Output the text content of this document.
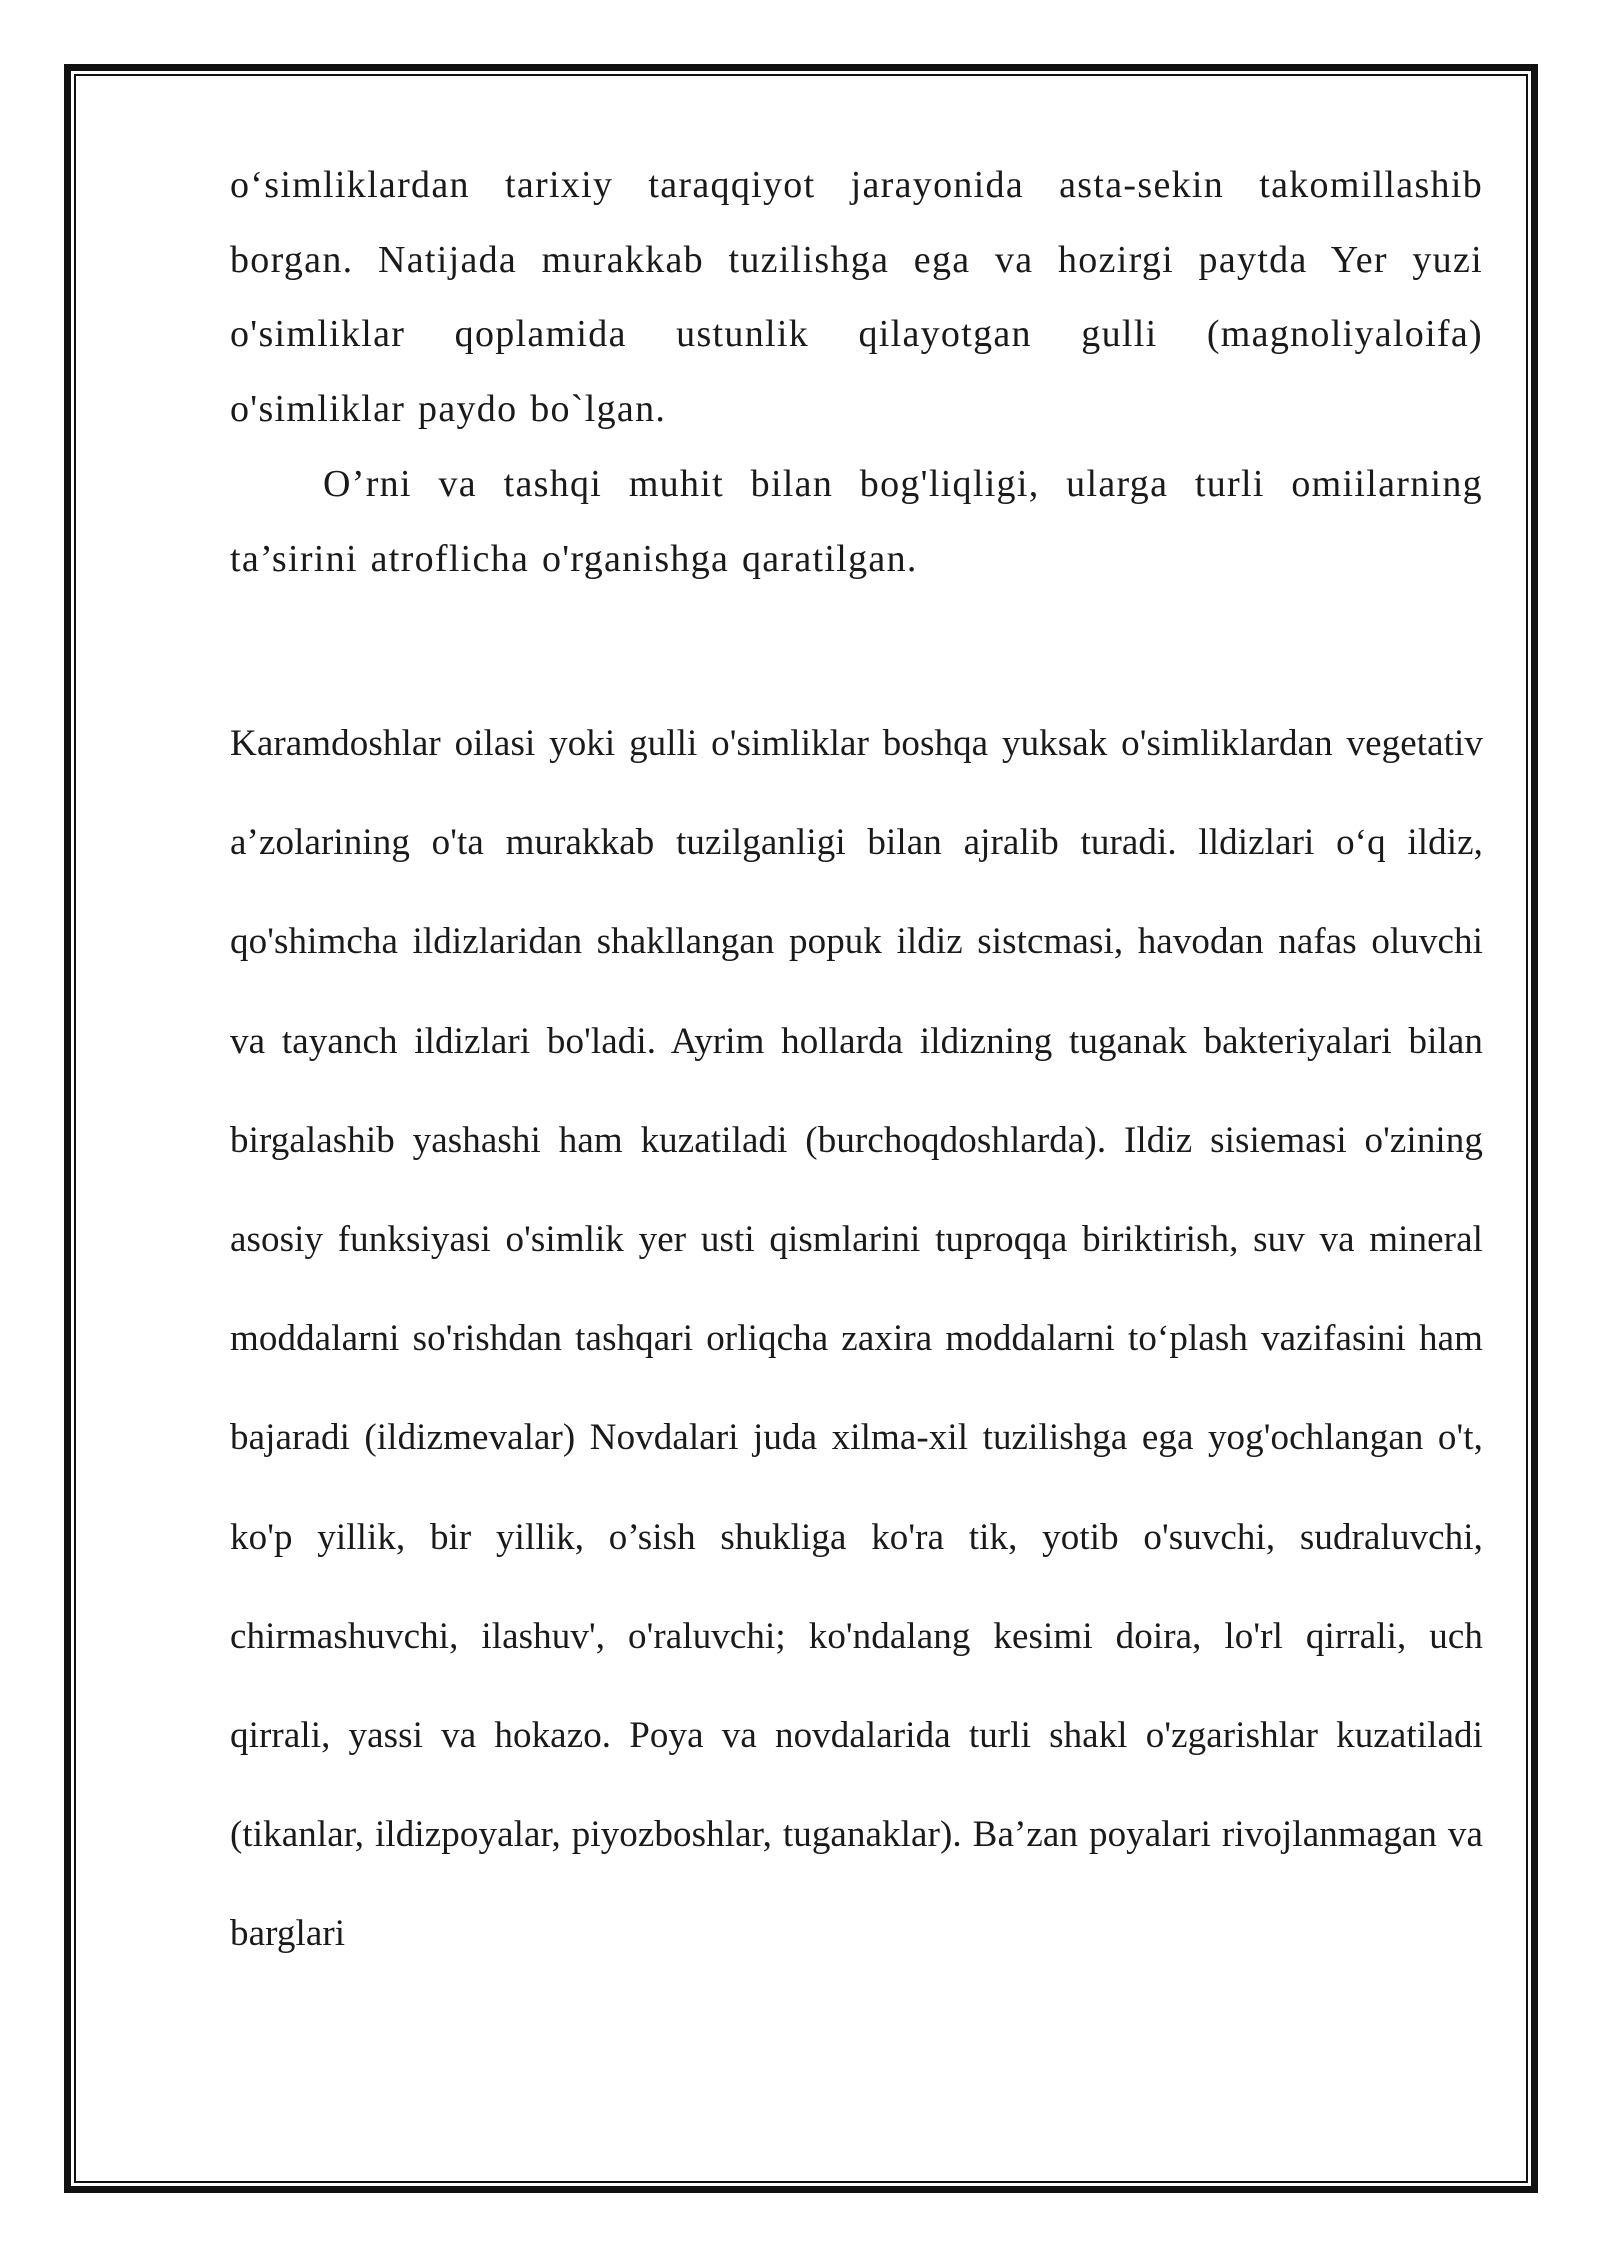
o‘simliklardan tarixiy taraqqiyot jarayonida asta-sekin takomillashib borgan. Natijada murakkab tuzilishga ega va hozirgi paytda Yer yuzi o'simliklar qoplamida ustunlik qilayotgan gulli (magnoliyaloifa) o'simliklar paydo bo`lgan.

O’rni va tashqi muhit bilan bog'liqligi, ularga turli omiilarning ta’sirini atroflicha o'rganishga qaratilgan.

Karamdoshlar oilasi yoki gulli o'simliklar boshqa yuksak o'simliklardan vegetativ a’zolarining o'ta murakkab tuzilganligi bilan ajralib turadi. lldizlari o‘q ildiz, qo'shimcha ildizlaridan shakllangan popuk ildiz sistcmasi, havodan nafas oluvchi va tayanch ildizlari bo'ladi. Ayrim hollarda ildizning tuganak bakteriyalari bilan birgalashib yashashi ham kuzatiladi (burchoqdoshlarda). Ildiz sisiemasi o'zining asosiy funksiyasi o'simlik yer usti qismlarini tuproqqa biriktirish, suv va mineral moddalarni so'rishdan tashqari orliqcha zaxira moddalarni to‘plash vazifasini ham bajaradi (ildizmevalar) Novdalari juda xilma-xil tuzilishga ega yog'ochlangan o't, ko'p yillik, bir yillik, o’sish shukliga ko'ra tik, yotib o'suvchi, sudraluvchi, chirmashuvchi, ilashuv', o'raluvchi; ko'ndalang kesimi doira, lo'rl qirrali, uch qirrali, yassi va hokazo. Poya va novdalarida turli shakl o'zgarishlar kuzatiladi (tikanlar, ildizpoyalar, piyozboshlar, tuganaklar). Ba’zan poyalari rivojlanmagan va barglari
